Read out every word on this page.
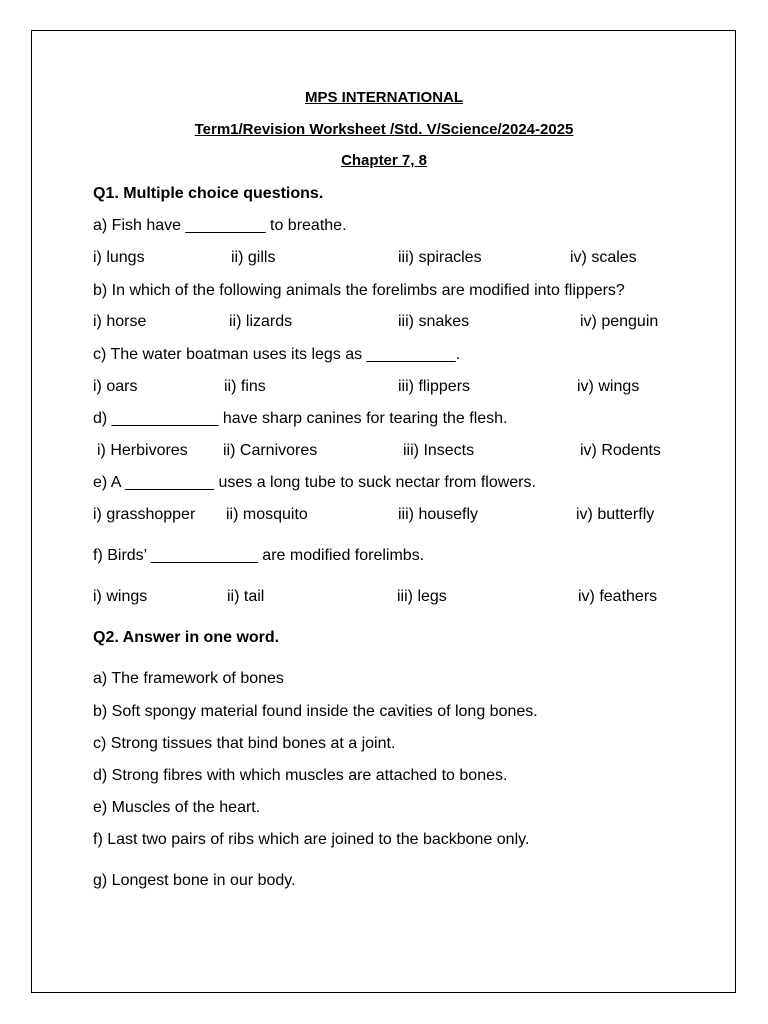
MPS INTERNATIONAL
Term1/Revision Worksheet /Std. V/Science/2024-2025
Chapter 7, 8
Q1. Multiple choice questions.
a) Fish have _________ to breathe.
i) lungs	ii) gills	iii) spiracles	iv) scales
b) In which of the following animals the forelimbs are modified into flippers?
i) horse	ii) lizards	iii) snakes	iv) penguin
c) The water boatman uses its legs as __________.
i) oars	ii) fins	iii) flippers	iv) wings
d) ____________ have sharp canines for tearing the flesh.
i) Herbivores ii) Carnivores	iii) Insects	iv) Rodents
e) A __________ uses a long tube to suck nectar from flowers.
i) grasshopper ii) mosquito	iii) housefly	iv) butterfly
f) Birds’ ____________ are modified forelimbs.
i) wings	ii) tail	iii) legs	iv) feathers
Q2. Answer in one word.
a) The framework of bones
b) Soft spongy material found inside the cavities of long bones.
c) Strong tissues that bind bones at a joint.
d) Strong fibres with which muscles are attached to bones.
e) Muscles of the heart.
f) Last two pairs of ribs which are joined to the backbone only.
g) Longest bone in our body.
